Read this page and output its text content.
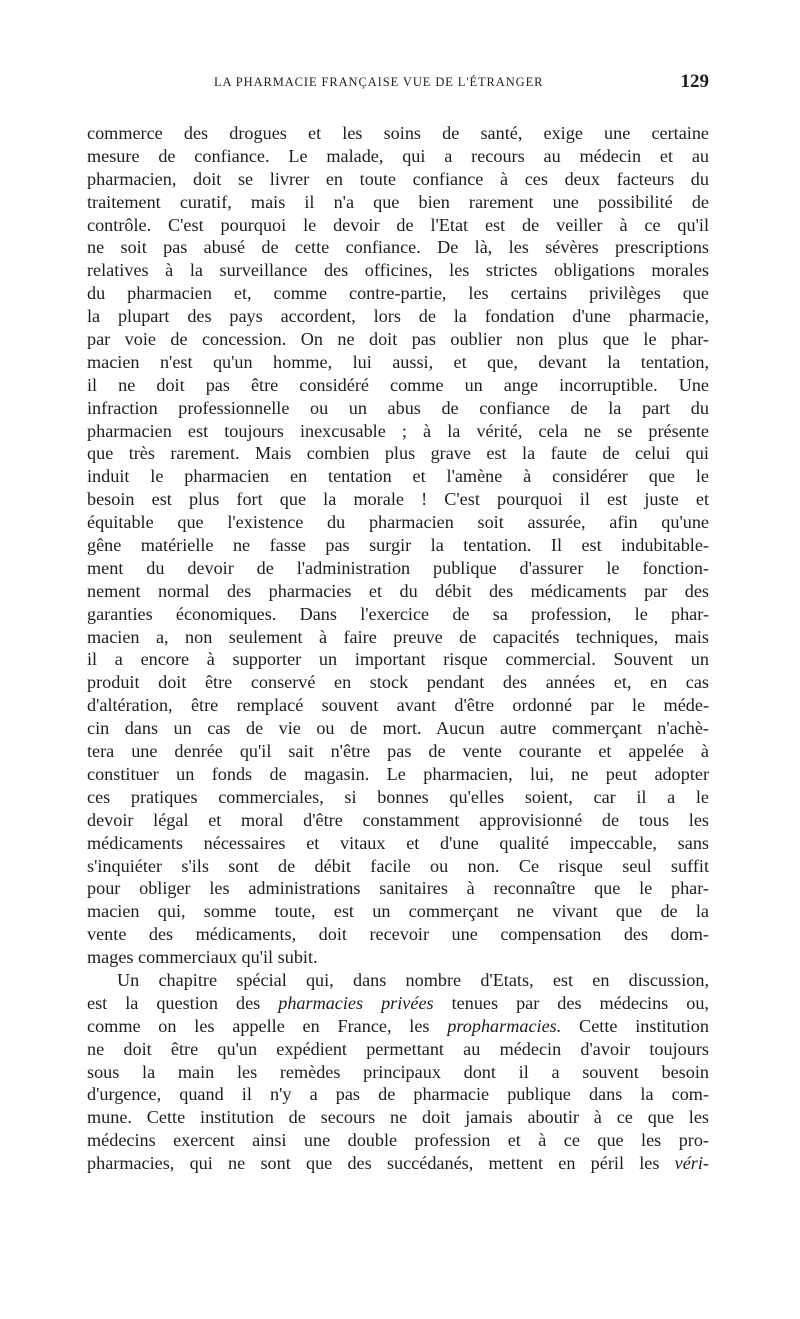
LA PHARMACIE FRANÇAISE VUE DE L'ÉTRANGER	129
commerce des drogues et les soins de santé, exige une certaine
mesure de confiance. Le malade, qui a recours au médecin et au
pharmacien, doit se livrer en toute confiance à ces deux facteurs du
traitement curatif, mais il n'a que bien rarement une possibilité de
contrôle. C'est pourquoi le devoir de l'Etat est de veiller à ce qu'il
ne soit pas abusé de cette confiance. De là, les sévères prescriptions
relatives à la surveillance des officines, les strictes obligations morales
du pharmacien et, comme contre-partie, les certains privilèges que
la plupart des pays accordent, lors de la fondation d'une pharmacie,
par voie de concession. On ne doit pas oublier non plus que le phar-
macien n'est qu'un homme, lui aussi, et que, devant la tentation,
il ne doit pas être considéré comme un ange incorruptible. Une
infraction professionnelle ou un abus de confiance de la part du
pharmacien est toujours inexcusable ; à la vérité, cela ne se présente
que très rarement. Mais combien plus grave est la faute de celui qui
induit le pharmacien en tentation et l'amène à considérer que le
besoin est plus fort que la morale ! C'est pourquoi il est juste et
équitable que l'existence du pharmacien soit assurée, afin qu'une
gêne matérielle ne fasse pas surgir la tentation. Il est indubitable-
ment du devoir de l'administration publique d'assurer le fonction-
nement normal des pharmacies et du débit des médicaments par des
garanties économiques. Dans l'exercice de sa profession, le phar-
macien a, non seulement à faire preuve de capacités techniques, mais
il a encore à supporter un important risque commercial. Souvent un
produit doit être conservé en stock pendant des années et, en cas
d'altération, être remplacé souvent avant d'être ordonné par le méde-
cin dans un cas de vie ou de mort. Aucun autre commerçant n'achè-
tera une denrée qu'il sait n'être pas de vente courante et appelée à
constituer un fonds de magasin. Le pharmacien, lui, ne peut adopter
ces pratiques commerciales, si bonnes qu'elles soient, car il a le
devoir légal et moral d'être constamment approvisionné de tous les
médicaments nécessaires et vitaux et d'une qualité impeccable, sans
s'inquiéter s'ils sont de débit facile ou non. Ce risque seul suffit
pour obliger les administrations sanitaires à reconnaître que le phar-
macien qui, somme toute, est un commerçant ne vivant que de la
vente des médicaments, doit recevoir une compensation des dom-
mages commerciaux qu'il subit.
Un chapitre spécial qui, dans nombre d'Etats, est en discussion,
est la question des pharmacies privées tenues par des médecins ou,
comme on les appelle en France, les propharmacies. Cette institution
ne doit être qu'un expédient permettant au médecin d'avoir toujours
sous la main les remèdes principaux dont il a souvent besoin
d'urgence, quand il n'y a pas de pharmacie publique dans la com-
mune. Cette institution de secours ne doit jamais aboutir à ce que les
médecins exercent ainsi une double profession et à ce que les pro-
pharmacies, qui ne sont que des succédanés, mettent en péril les véri-
